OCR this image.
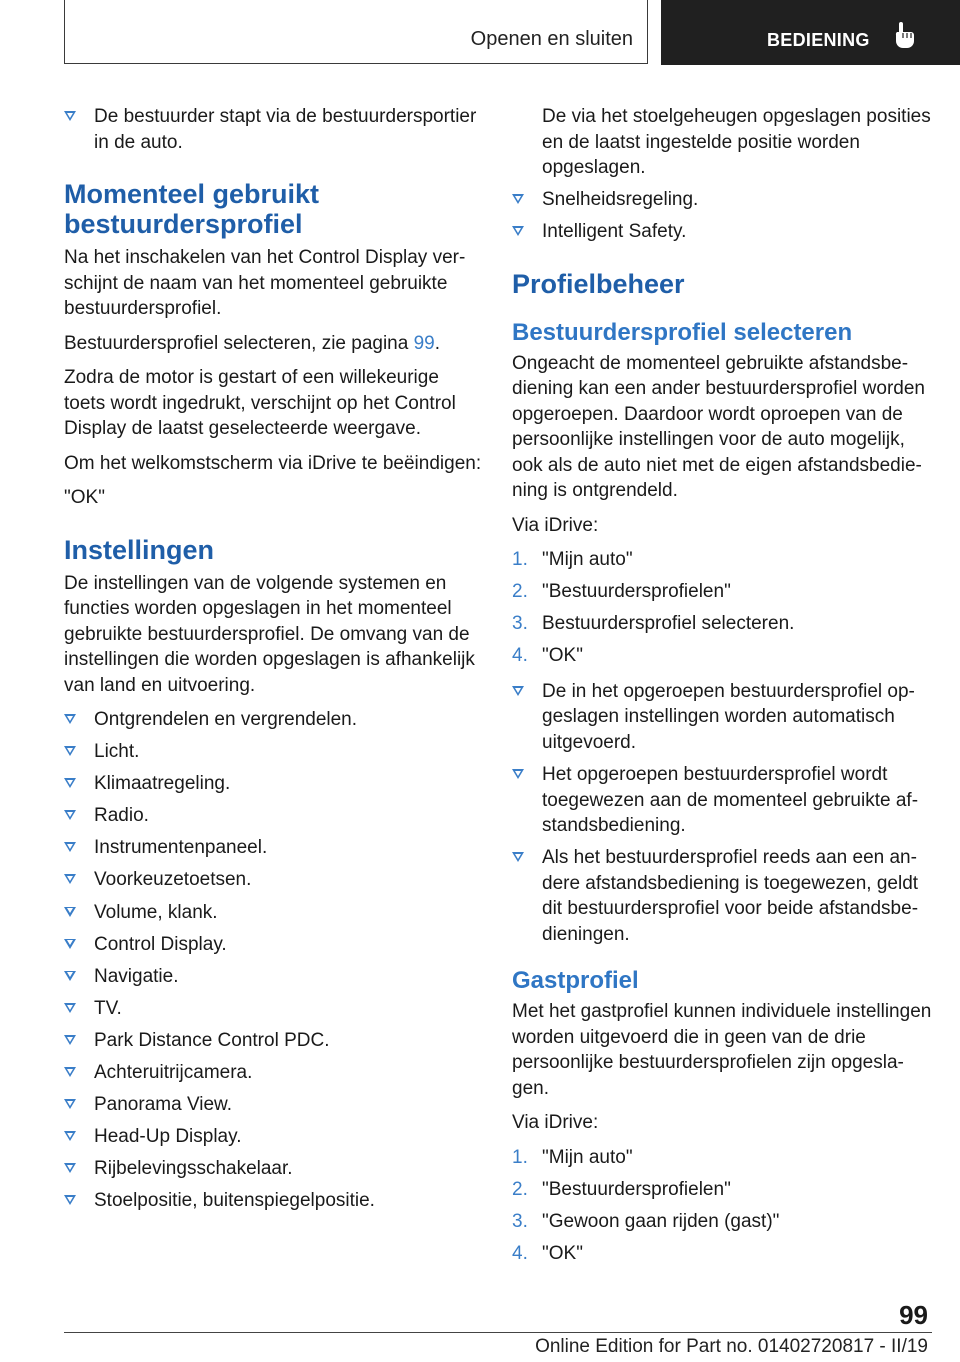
Openen en sluiten	BEDIENING
De bestuurder stapt via de bestuurdersportier in de auto.
Momenteel gebruikt bestuurdersprofiel

Na het inschakelen van het Control Display verschijnt de naam van het momenteel gebruikte bestuurdersprofiel.

Bestuurdersprofiel selecteren, zie pagina 99.

Zodra de motor is gestart of een willekeurige toets wordt ingedrukt, verschijnt op het Control Display de laatst geselecteerde weergave.

Om het welkomstscherm via iDrive te beëindigen:

"OK"

Instellingen

De instellingen van de volgende systemen en functies worden opgeslagen in het momenteel gebruikte bestuurdersprofiel. De omvang van de instellingen die worden opgeslagen is afhankelijk van land en uitvoering.

Ontgrendelen en vergrendelen.
Licht.
Klimaatregeling.
Radio.
Instrumentenpaneel.
Voorkeuzetoetsen.
Volume, klank.
Control Display.
Navigatie.
TV.
Park Distance Control PDC.
Achteruitrijcamera.
Panorama View.
Head-Up Display.
Rijbelevingsschakelaar.
Stoelpositie, buitenspiegelpositie.
De via het stoelgeheugen opgeslagen posities en de laatst ingestelde positie worden opgeslagen.
Snelheidsregeling.
Intelligent Safety.
Profielbeheer
Bestuurdersprofiel selecteren

Ongeacht de momenteel gebruikte afstandsbediening kan een ander bestuurdersprofiel worden opgeroepen. Daardoor wordt oproepen van de persoonlijke instellingen voor de auto mogelijk, ook als de auto niet met de eigen afstandsbediening is ontgrendeld.

Via iDrive:

1. "Mijn auto"
2. "Bestuurdersprofielen"
3. Bestuurdersprofiel selecteren.
4. "OK"
De in het opgeroepen bestuurdersprofiel opgeslagen instellingen worden automatisch uitgevoerd.
Het opgeroepen bestuurdersprofiel wordt toegewezen aan de momenteel gebruikte afstandsbediening.
Als het bestuurdersprofiel reeds aan een andere afstandsbediening is toegewezen, geldt dit bestuurdersprofiel voor beide afstandsbedieningen.
Gastprofiel

Met het gastprofiel kunnen individuele instellingen worden uitgevoerd die in geen van de drie persoonlijke bestuurdersprofielen zijn opgeslagen.

Via iDrive:

1. "Mijn auto"
2. "Bestuurdersprofielen"
3. "Gewoon gaan rijden (gast)"
4. "OK"
99
Online Edition for Part no. 01402720817 - II/19
